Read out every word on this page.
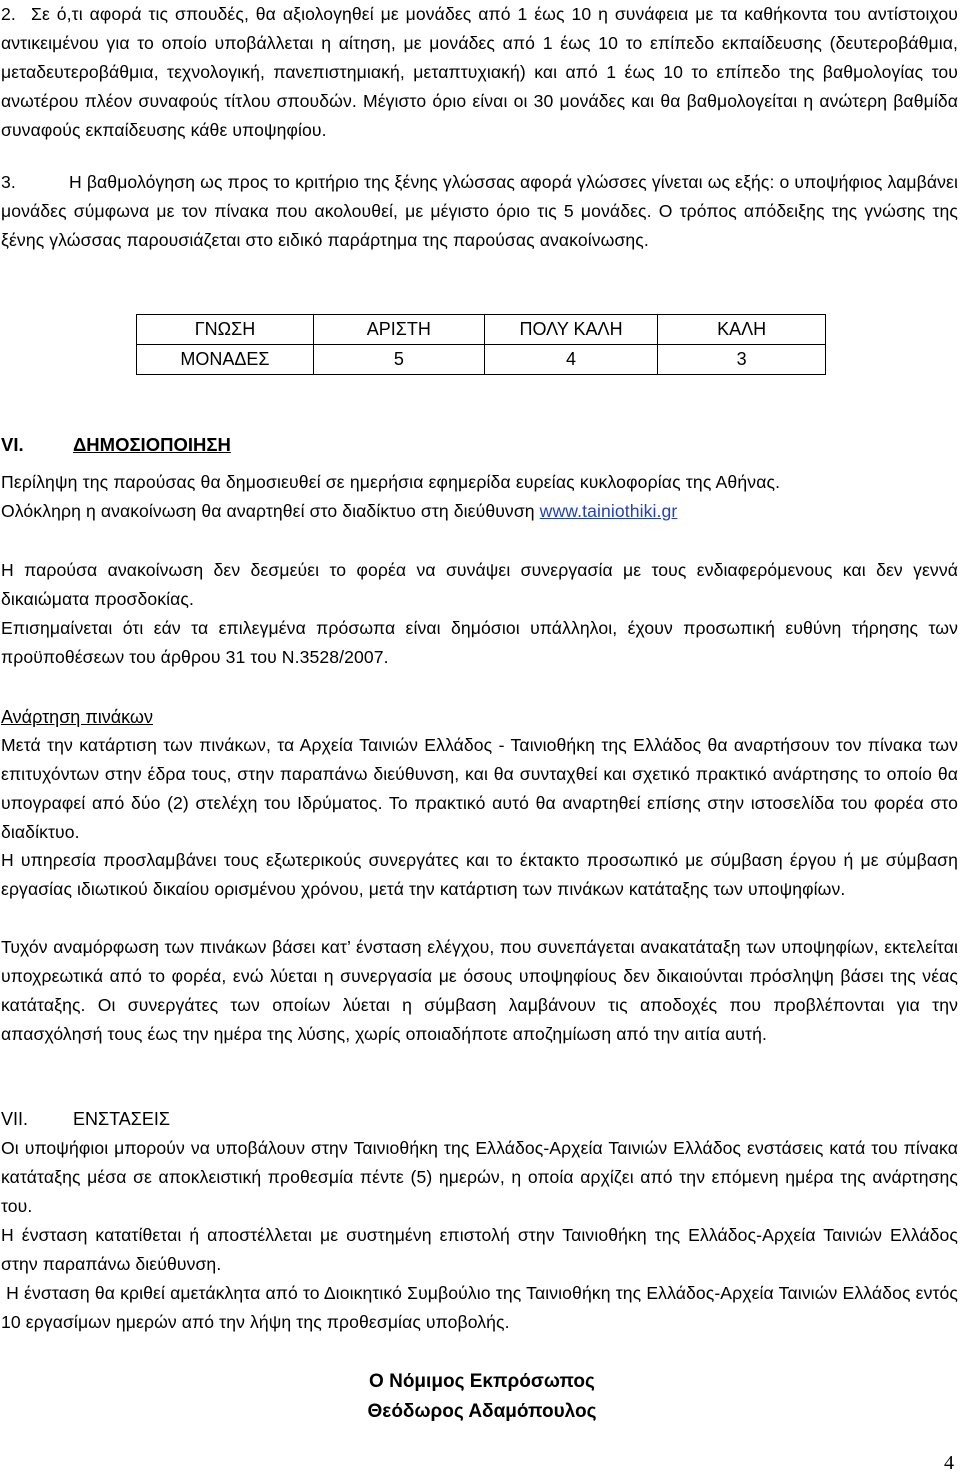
2. Σε ό,τι αφορά τις σπουδές, θα αξιολογηθεί με μονάδες από 1 έως 10 η συνάφεια με τα καθήκοντα του αντίστοιχου αντικειμένου για το οποίο υποβάλλεται η αίτηση, με μονάδες από 1 έως 10 το επίπεδο εκπαίδευσης (δευτεροβάθμια, μεταδευτεροβάθμια, τεχνολογική, πανεπιστημιακή, μεταπτυχιακή) και από 1 έως 10 το επίπεδο της βαθμολογίας του ανωτέρου πλέον συναφούς τίτλου σπουδών. Μέγιστο όριο είναι οι 30 μονάδες και θα βαθμολογείται η ανώτερη βαθμίδα συναφούς εκπαίδευσης κάθε υποψηφίου.

3.	Η βαθμολόγηση ως προς το κριτήριο της ξένης γλώσσας αφορά γλώσσες γίνεται ως εξής: ο υποψήφιος λαμβάνει μονάδες σύμφωνα με τον πίνακα που ακολουθεί, με μέγιστο όριο τις 5 μονάδες. Ο τρόπος απόδειξης της γνώσης της ξένης γλώσσας παρουσιάζεται στο ειδικό παράρτημα της παρούσας ανακοίνωσης.

ΓΝΩΣΗ	ΑΡΙΣΤΗ	ΠΟΛΥ ΚΑΛΗ	ΚΑΛΗ
ΜΟΝΑΔΕΣ	5	4	3
VI.	ΔΗΜΟΣΙΟΠΟΙΗΣΗ

Περίληψη της παρούσας θα δημοσιευθεί σε ημερήσια εφημερίδα ευρείας κυκλοφορίας της Αθήνας.

Ολόκληρη η ανακοίνωση θα αναρτηθεί στο διαδίκτυο στη διεύθυνση www.tainiothiki.gr

Η παρούσα ανακοίνωση δεν δεσμεύει το φορέα να συνάψει συνεργασία με τους ενδιαφερόμενους και δεν γεννά δικαιώματα προσδοκίας.

Επισημαίνεται ότι εάν τα επιλεγμένα πρόσωπα είναι δημόσιοι υπάλληλοι, έχουν προσωπική ευθύνη τήρησης των προϋποθέσεων του άρθρου 31 του Ν.3528/2007.

Ανάρτηση πινάκων

Μετά την κατάρτιση των πινάκων, τα Αρχεία Ταινιών Ελλάδος - Ταινιοθήκη της Ελλάδος θα αναρτήσουν τον πίνακα των επιτυχόντων στην έδρα τους, στην παραπάνω διεύθυνση, και θα συνταχθεί και σχετικό πρακτικό ανάρτησης το οποίο θα υπογραφεί από δύο (2) στελέχη του Ιδρύματος. Το πρακτικό αυτό θα αναρτηθεί επίσης στην ιστοσελίδα του φορέα στο διαδίκτυο.

Η υπηρεσία προσλαμβάνει τους εξωτερικούς συνεργάτες και το έκτακτο προσωπικό με σύμβαση έργου ή με σύμβαση εργασίας ιδιωτικού δικαίου ορισμένου χρόνου, μετά την κατάρτιση των πινάκων κατάταξης των υποψηφίων.

Τυχόν αναμόρφωση των πινάκων βάσει κατ’ ένσταση ελέγχου, που συνεπάγεται ανακατάταξη των υποψηφίων, εκτελείται υποχρεωτικά από το φορέα, ενώ λύεται η συνεργασία με όσους υποψηφίους δεν δικαιούνται πρόσληψη βάσει της νέας κατάταξης. Οι συνεργάτες των οποίων λύεται η σύμβαση λαμβάνουν τις αποδοχές που προβλέπονται για την απασχόλησή τους έως την ημέρα της λύσης, χωρίς οποιαδήποτε αποζημίωση από την αιτία αυτή.

VII. ΕΝΣΤΑΣΕΙΣ

Οι υποψήφιοι μπορούν να υποβάλουν στην Ταινιοθήκη της Ελλάδος-Αρχεία Ταινιών Ελλάδος ενστάσεις κατά του πίνακα κατάταξης μέσα σε αποκλειστική προθεσμία πέντε (5) ημερών, η οποία αρχίζει από την επόμενη ημέρα της ανάρτησης του.

Η ένσταση κατατίθεται ή αποστέλλεται με συστημένη επιστολή στην Ταινιοθήκη της Ελλάδος-Αρχεία Ταινιών Ελλάδος στην παραπάνω διεύθυνση.

Η ένσταση θα κριθεί αμετάκλητα από το Διοικητικό Συμβούλιο της Ταινιοθήκη της Ελλάδος-Αρχεία Ταινιών Ελλάδος εντός 10 εργασίμων ημερών από την λήψη της προθεσμίας υποβολής.

Ο Νόμιμος Εκπρόσωπος
Θεόδωρος Αδαμόπουλος
4
